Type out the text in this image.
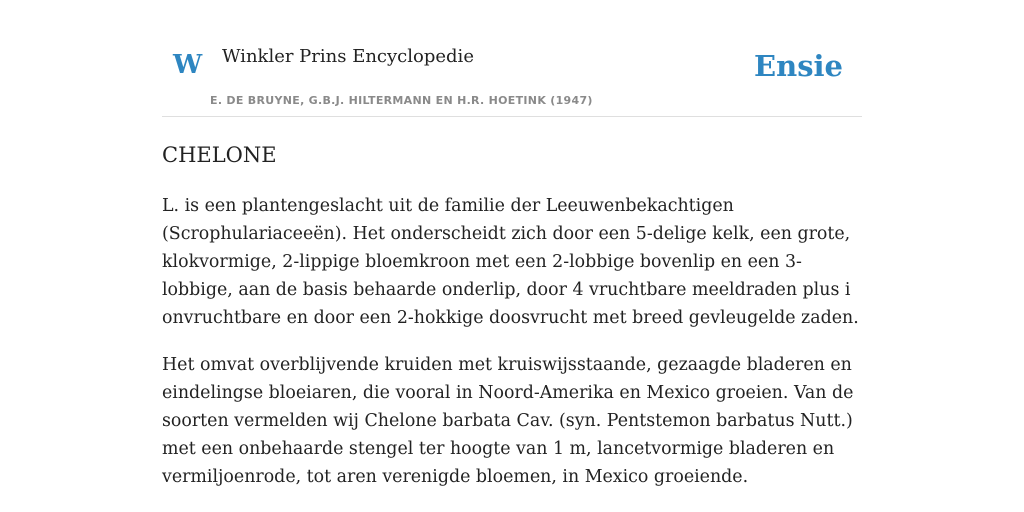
W Winkler Prins Encyclopedie
E. DE BRUYNE, G.B.J. HILTERMANN EN H.R. HOETINK (1947)
Ensie
CHELONE

L. is een plantengeslacht uit de familie der Leeuwenbekachtigen (Scrophulariaceeën). Het onderscheidt zich door een 5-delige kelk, een grote, klokvormige, 2-lippige bloemkroon met een 2-lobbige bovenlip en een 3-lobbige, aan de basis behaarde onderlip, door 4 vruchtbare meeldraden plus i onvruchtbare en door een 2-hokkige doosvrucht met breed gevleugelde zaden.

Het omvat overblijvende kruiden met kruiswijsstaande, gezaagde bladeren en eindelingse bloeiaren, die vooral in Noord-Amerika en Mexico groeien. Van de soorten vermelden wij Chelone barbata Cav. (syn. Pentstemon barbatus Nutt.) met een onbehaarde stengel ter hoogte van 1 m, lancetvormige bladeren en vermiljoenrode, tot aren verenigde bloemen, in Mexico groeiende.
